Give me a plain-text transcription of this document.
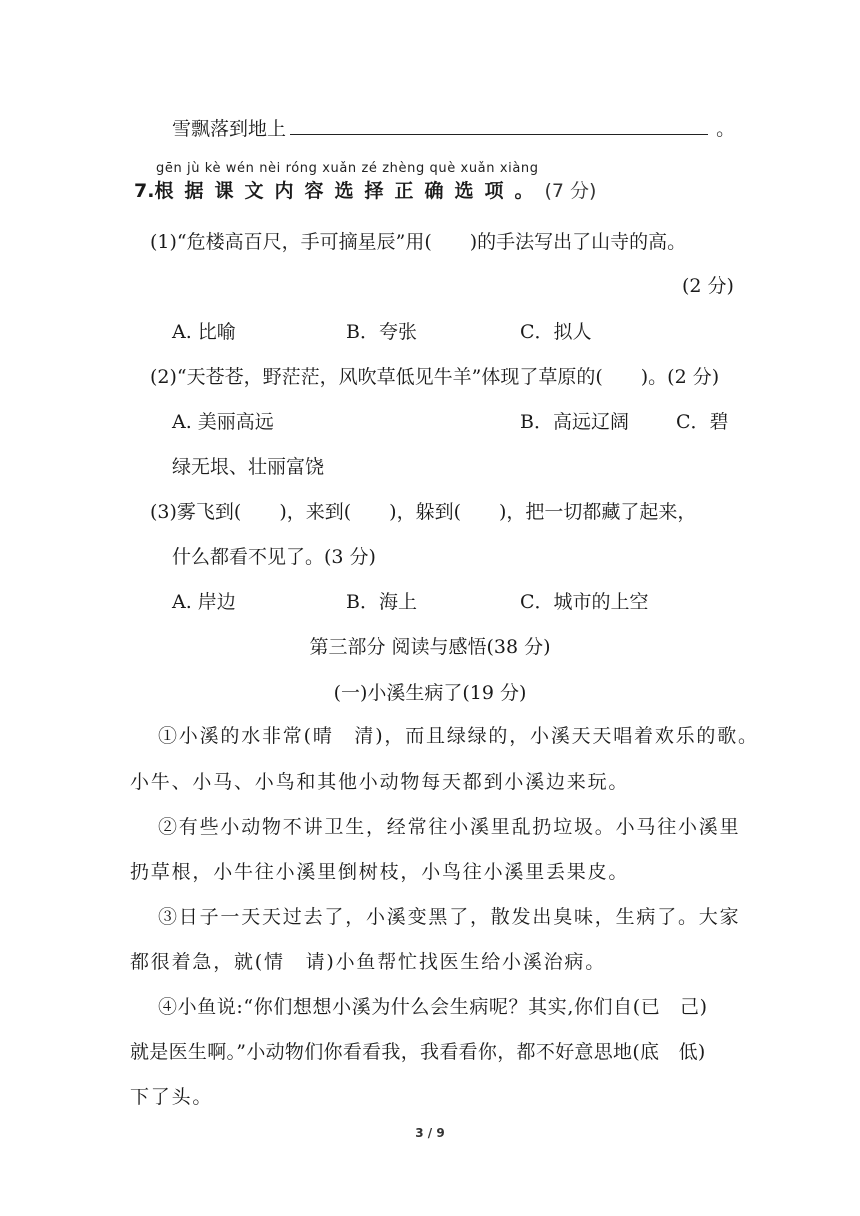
雪飘落到地上	。
gēn jù kè wén nèi róng xuǎn zé zhèng què xuǎn xiàng
7.根据课文内容选择正确选项。(7 分)
(1)“危楼高百尺，手可摘星辰”用(　　)的手法写出了山寺的高。
(2 分)
A. 比喻	B．夸张	C．拟人
(2)“天苍苍，野茫茫，风吹草低见牛羊”体现了草原的(　　)。(2 分)
A. 美丽高远	B．高远辽阔 C．碧
绿无垠、壮丽富饶
(3)雾飞到(　　)，来到(　　)，躲到(　　)，把一切都藏了起来，
什么都看不见了。(3 分)
A. 岸边	B．海上	C．城市的上空
第三部分 阅读与感悟(38 分)
(一)小溪生病了(19 分)
①小溪的水非常(晴　清)，而且绿绿的，小溪天天唱着欢乐的歌。
小牛、小马、小鸟和其他小动物每天都到小溪边来玩。
②有些小动物不讲卫生，经常往小溪里乱扔垃圾。小马往小溪里
扔草根，小牛往小溪里倒树枝，小鸟往小溪里丢果皮。
③日子一天天过去了，小溪变黑了，散发出臭味，生病了。大家
都很着急，就(情　请)小鱼帮忙找医生给小溪治病。
④小鱼说:“你们想想小溪为什么会生病呢？其实,你们自(已　己)
就是医生啊。”小动物们你看看我，我看看你，都不好意思地(底　低)
下了头。
3 / 9
